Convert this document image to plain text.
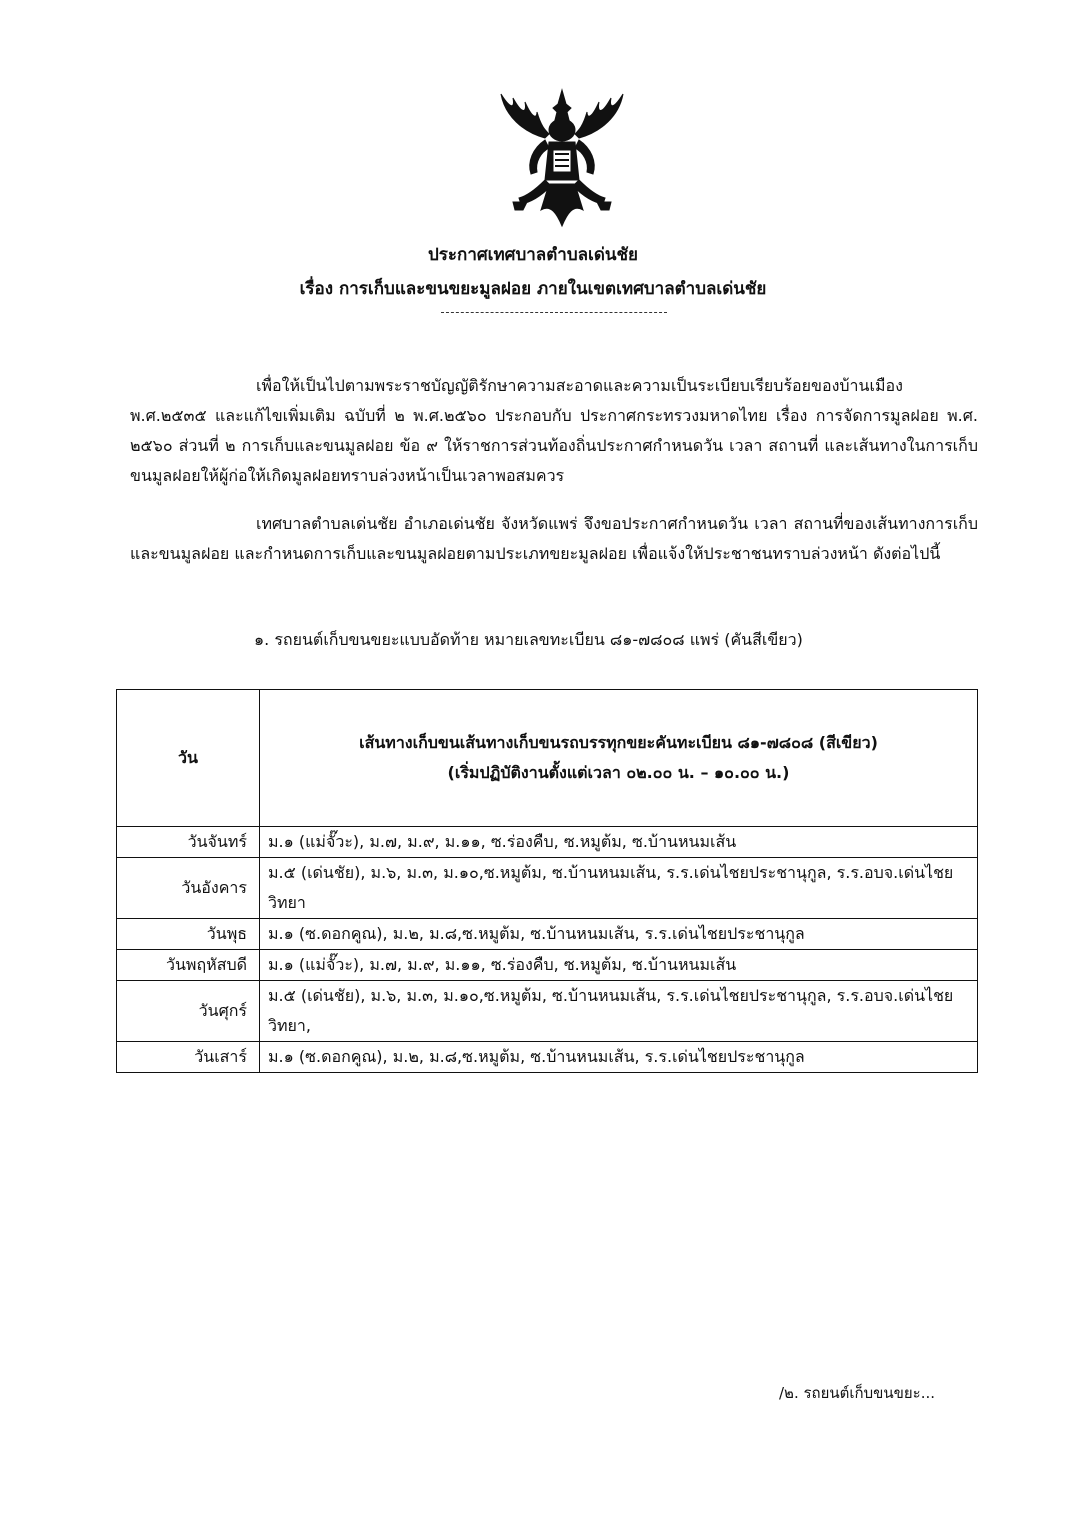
ประกาศเทศบาลตำบลเด่นชัย
เรื่อง การเก็บและขนขยะมูลฝอย ภายในเขตเทศบาลตำบลเด่นชัย

เพื่อให้เป็นไปตามพระราชบัญญัติรักษาความสะอาดและความเป็นระเบียบเรียบร้อยของบ้านเมือง พ.ศ.๒๕๓๕ และแก้ไขเพิ่มเติม ฉบับที่ ๒ พ.ศ.๒๕๖๐ ประกอบกับ ประกาศกระทรวงมหาดไทย เรื่อง การจัดการมูลฝอย พ.ศ. ๒๕๖๐ ส่วนที่ ๒ การเก็บและขนมูลฝอย ข้อ ๙ ให้ราชการส่วนท้องถิ่นประกาศกำหนดวัน เวลา สถานที่ และเส้นทางในการเก็บขนมูลฝอยให้ผู้ก่อให้เกิดมูลฝอยทราบล่วงหน้าเป็นเวลาพอสมควร

เทศบาลตำบลเด่นชัย อำเภอเด่นชัย จังหวัดแพร่ จึงขอประกาศกำหนดวัน เวลา สถานที่ของเส้นทางการเก็บและขนมูลฝอย และกำหนดการเก็บและขนมูลฝอยตามประเภทขยะมูลฝอย เพื่อแจ้งให้ประชาชนทราบล่วงหน้า ดังต่อไปนี้

๑. รถยนต์เก็บขนขยะแบบอัดท้าย หมายเลขทะเบียน ๘๑-๗๘๐๘ แพร่ (คันสีเขียว)
วัน	เส้นทางเก็บขนเส้นทางเก็บขนรถบรรทุกขยะคันทะเบียน ๘๑-๗๘๐๘ (สีเขียว)
(เริ่มปฏิบัติงานตั้งแต่เวลา ๐๒.๐๐ น. – ๑๐.๐๐ น.)

วันจันทร์	ม.๑ (แม่จั๊วะ), ม.๗, ม.๙, ม.๑๑, ซ.ร่องคืบ, ซ.หมูต้ม, ซ.บ้านหนมเส้น
วันอังคาร	ม.๕ (เด่นชัย), ม.๖, ม.๓, ม.๑๐,ซ.หมูต้ม, ซ.บ้านหนมเส้น, ร.ร.เด่นไชยประชานุกูล, ร.ร.อบจ.เด่นไชยวิทยา
วันพุธ	ม.๑ (ซ.ดอกคูณ), ม.๒, ม.๘,ซ.หมูต้ม, ซ.บ้านหนมเส้น, ร.ร.เด่นไชยประชานุกูล
วันพฤหัสบดี	ม.๑ (แม่จั๊วะ), ม.๗, ม.๙, ม.๑๑, ซ.ร่องคืบ, ซ.หมูต้ม, ซ.บ้านหนมเส้น
วันศุกร์	ม.๕ (เด่นชัย), ม.๖, ม.๓, ม.๑๐,ซ.หมูต้ม, ซ.บ้านหนมเส้น, ร.ร.เด่นไชยประชานุกูล, ร.ร.อบจ.เด่นไชยวิทยา,
วันเสาร์	ม.๑ (ซ.ดอกคูณ), ม.๒, ม.๘,ซ.หมูต้ม, ซ.บ้านหนมเส้น, ร.ร.เด่นไชยประชานุกูล
/๒. รถยนต์เก็บขนขยะ...
